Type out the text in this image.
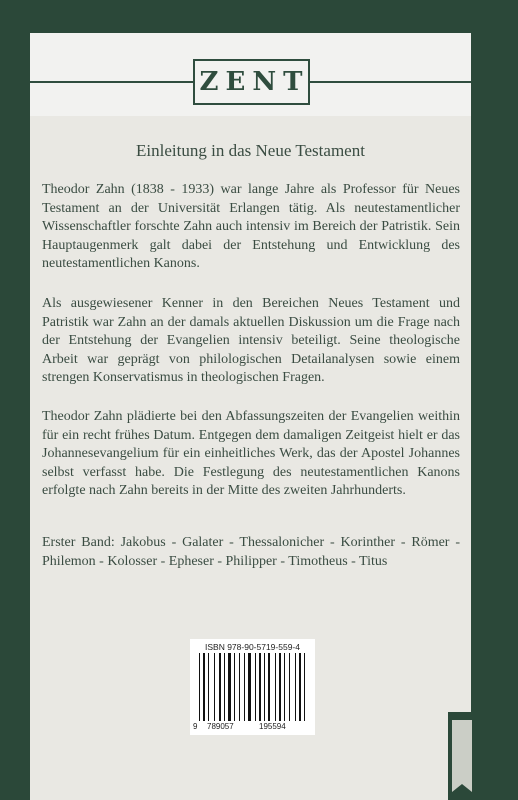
ZENT
Einleitung in das Neue Testament
Theodor Zahn (1838 - 1933) war lange Jahre als Professor für Neues Testament an der Universität Erlangen tätig. Als neutestamentlicher Wissenschaftler forschte Zahn auch intensiv im Bereich der Patristik. Sein Hauptaugenmerk galt dabei der Entstehung und Entwicklung des neutestamentlichen Kanons.
Als ausgewiesener Kenner in den Bereichen Neues Testament und Patristik war Zahn an der damals aktuellen Diskussion um die Frage nach der Entstehung der Evangelien intensiv beteiligt. Seine theologische Arbeit war geprägt von philologischen Detailanalysen sowie einem strengen Konservatismus in theologischen Fragen.
Theodor Zahn plädierte bei den Abfassungszeiten der Evangelien weithin für ein recht frühes Datum. Entgegen dem damaligen Zeitgeist hielt er das Johannesevangelium für ein einheitliches Werk, das der Apostel Johannes selbst verfasst habe. Die Festlegung des neutestamentlichen Kanons erfolgte nach Zahn bereits in der Mitte des zweiten Jahrhunderts.
Erster Band: Jakobus - Galater - Thessalonicher - Korinther - Römer - Philemon - Kolosser - Epheser - Philipper - Timotheus - Titus
ISBN 978-90-5719-559-4
9 789057	195594
